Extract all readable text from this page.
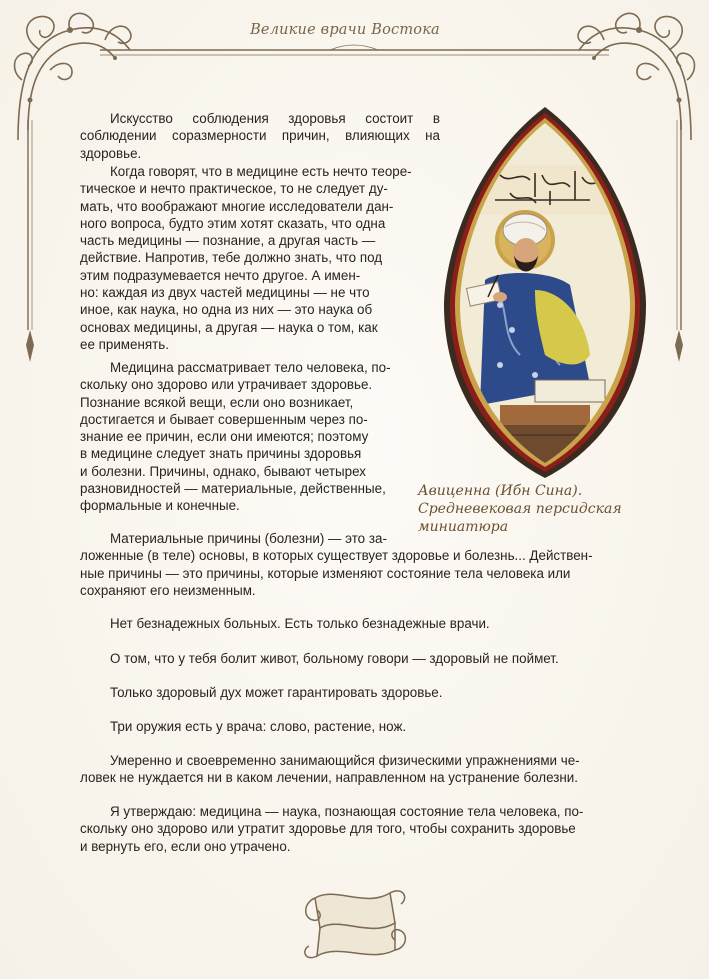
Великие врачи Востока
Искусство соблюдения здоровья состоит в соблюдении соразмерности причин, влияющих на здоровье.
Когда говорят, что в медицине есть нечто теоре-
тическое и нечто практическое, то не следует ду-
мать, что воображают многие исследователи дан-
ного вопроса, будто этим хотят сказать, что одна
часть медицины — познание, а другая часть —
действие. Напротив, тебе должно знать, что под
этим подразумевается нечто другое. А имен-
но: каждая из двух частей медицины — не что
иное, как наука, но одна из них — это наука об
основах медицины, а другая — наука о том, как
ее применять.
Медицина рассматривает тело человека, по-
скольку оно здорово или утрачивает здоровье.
Познание всякой вещи, если оно возникает,
достигается и бывает совершенным через по-
знание ее причин, если они имеются; поэтому
в медицине следует знать причины здоровья
и болезни. Причины, однако, бывают четырех
разновидностей — материальные, действенные,
формальные и конечные.
Авиценна (Ибн Сина).
Средневековая персидская
миниатюра
Материальные причины (болезни) — это за-
ложенные (в теле) основы, в которых существует здоровье и болезнь... Действен-
ные причины — это причины, которые изменяют состояние тела человека или
сохраняют его неизменным.
Нет безнадежных больных. Есть только безнадежные врачи.
О том, что у тебя болит живот, больному говори — здоровый не поймет.
Только здоровый дух может гарантировать здоровье.
Три оружия есть у врача: слово, растение, нож.
Умеренно и своевременно занимающийся физическими упражнениями че-
ловек не нуждается ни в каком лечении, направленном на устранение болезни.
Я утверждаю: медицина — наука, познающая состояние тела человека, по-
скольку оно здорово или утратит здоровье для того, чтобы сохранить здоровье
и вернуть его, если оно утрачено.
